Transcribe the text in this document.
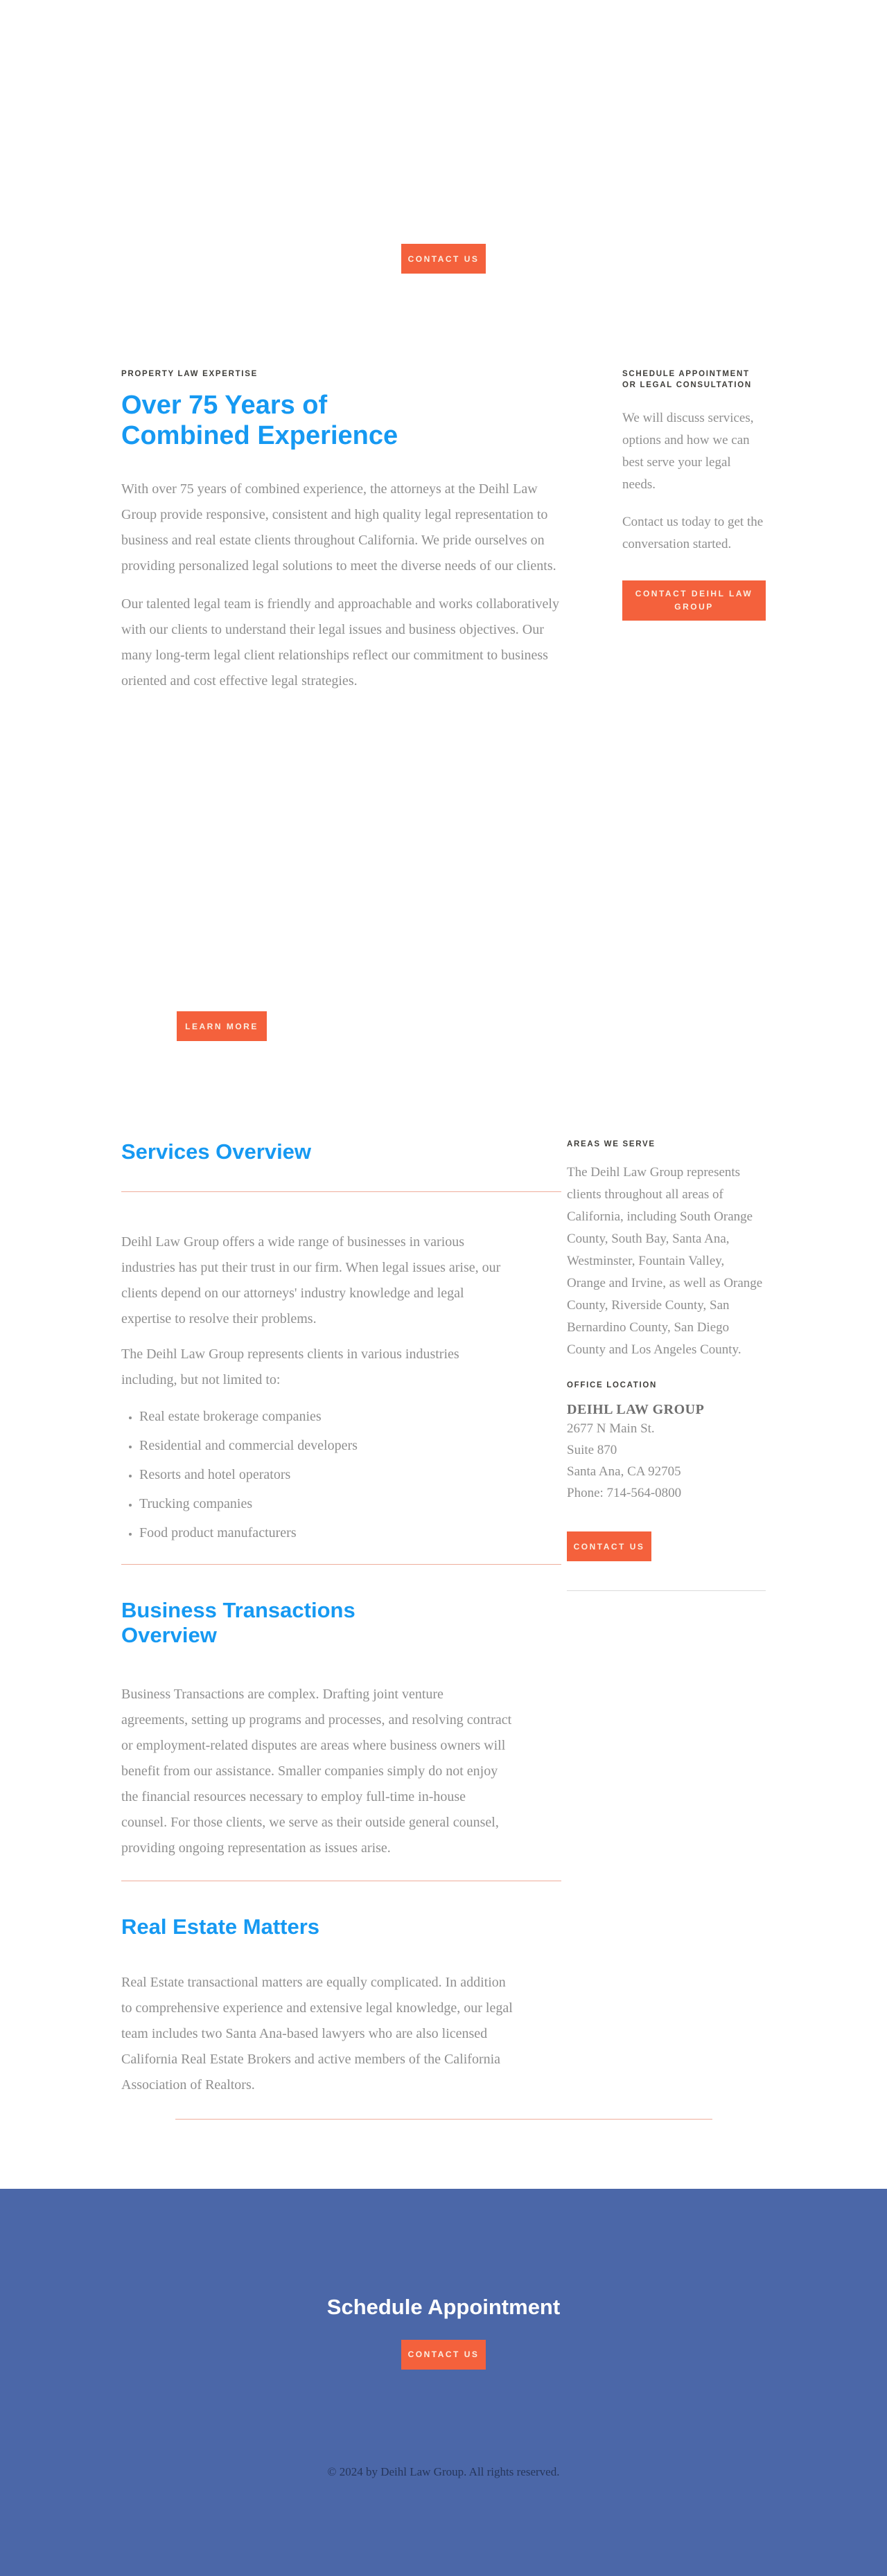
CONTACT US
PROPERTY LAW EXPERTISE
Over 75 Years of Combined Experience

With over 75 years of combined experience, the attorneys at the Deihl Law Group provide responsive, consistent and high quality legal representation to business and real estate clients throughout California. We pride ourselves on providing personalized legal solutions to meet the diverse needs of our clients.

Our talented legal team is friendly and approachable and works collaboratively with our clients to understand their legal issues and business objectives. Our many long-term legal client relationships reflect our commitment to business oriented and cost effective legal strategies.

SCHEDULE APPOINTMENT OR LEGAL CONSULTATION

We will discuss services, options and how we can best serve your legal needs.

Contact us today to get the conversation started.

CONTACT DEIHL LAW GROUP
LEARN MORE
Services Overview

Deihl Law Group offers a wide range of businesses in various industries has put their trust in our firm. When legal issues arise, our clients depend on our attorneys' industry knowledge and legal expertise to resolve their problems.

The Deihl Law Group represents clients in various industries including, but not limited to:

• Real estate brokerage companies
• Residential and commercial developers
• Resorts and hotel operators
• Trucking companies
• Food product manufacturers
Business Transactions Overview

Business Transactions are complex. Drafting joint venture agreements, setting up programs and processes, and resolving contract or employment-related disputes are areas where business owners will benefit from our assistance. Smaller companies simply do not enjoy the financial resources necessary to employ full-time in-house counsel. For those clients, we serve as their outside general counsel, providing ongoing representation as issues arise.

Real Estate Matters

Real Estate transactional matters are equally complicated. In addition to comprehensive experience and extensive legal knowledge, our legal team includes two Santa Ana-based lawyers who are also licensed California Real Estate Brokers and active members of the California Association of Realtors.

AREAS WE SERVE

The Deihl Law Group represents clients throughout all areas of California, including South Orange County, South Bay, Santa Ana, Westminster, Fountain Valley, Orange and Irvine, as well as Orange County, Riverside County, San Bernardino County, San Diego County and Los Angeles County.

OFFICE LOCATION

DEIHL LAW GROUP

2677 N Main St.

Suite 870

Santa Ana, CA 92705

Phone: 714-564-0800

CONTACT US
Schedule Appointment
CONTACT US
© 2024 by Deihl Law Group. All rights reserved.
